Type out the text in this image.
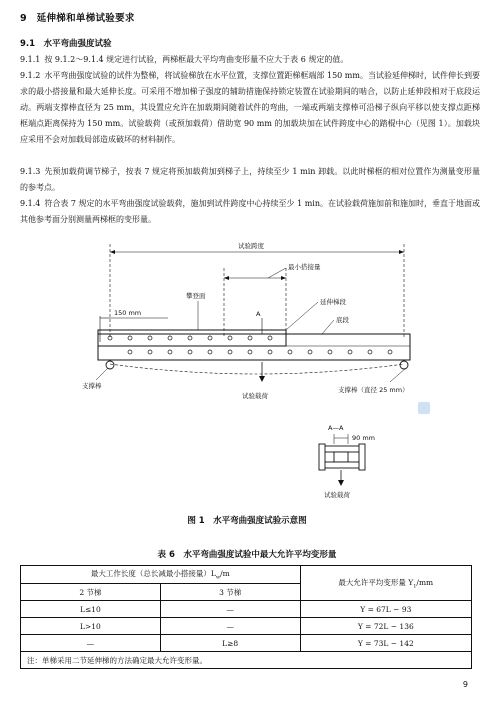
9　延伸梯和单梯试验要求
9.1　水平弯曲强度试验
9.1.1 按 9.1.2～9.1.4 规定进行试验，两梯框最大平均弯曲变形量不应大于表 6 规定的值。
9.1.2 水平弯曲强度试验的试件为整梯，将试验梯放在水平位置，支撑位置距梯框端部 150 mm。当试验延伸梯时，试件伸长到要求的最小搭接量和最大延伸长度。可采用不增加梯子强度的辅助措施保持锁定装置在试验期间的啮合，以防止延伸段相对于底段运动。两端支撑棒直径为 25 mm，其设置应允许在加载期间随着试件的弯曲，一端或两端支撑棒可沿梯子纵向平移以使支撑点距梯框端点距离保持为 150 mm。试验载荷（或预加载荷）借助宽 90 mm 的加载块加在试件跨度中心的踏棍中心（见图 1）。加载块应采用不会对加载局部造成破坏的材料制作。
9.1.3 先预加载荷调节梯子，按表 7 规定将预加载荷加到梯子上，持续至少 1 min 卸载。以此时梯框的相对位置作为测量变形量的参考点。
9.1.4 符合表 7 规定的水平弯曲强度试验载荷，施加到试件跨度中心持续至少 1 min。在试验载荷施加前和施加时，垂直于地面或其他参考面分别测量两梯框的变形量。
试验跨度
最小搭接量
攀登面
延伸梯段
底段
150 mm	A
支撑棒	支撑棒（直径 25 mm）
试验载荷
A—A
90 mm
试验载荷
图 1　水平弯曲强度试验示意图
表 6　水平弯曲强度试验中最大允许平均变形量
最大工作长度（总长减最小搭接量）$L_w/m$		最大允许平均变形量 $Y_1/mm$
2 节梯	3 节梯	
L≤10	—	Y = 67L − 93
L>10	—	Y = 72L − 136
—	L≥8	Y = 73L − 142
注：单梯采用二节延伸梯的方法确定最大允许变形量。		
9
